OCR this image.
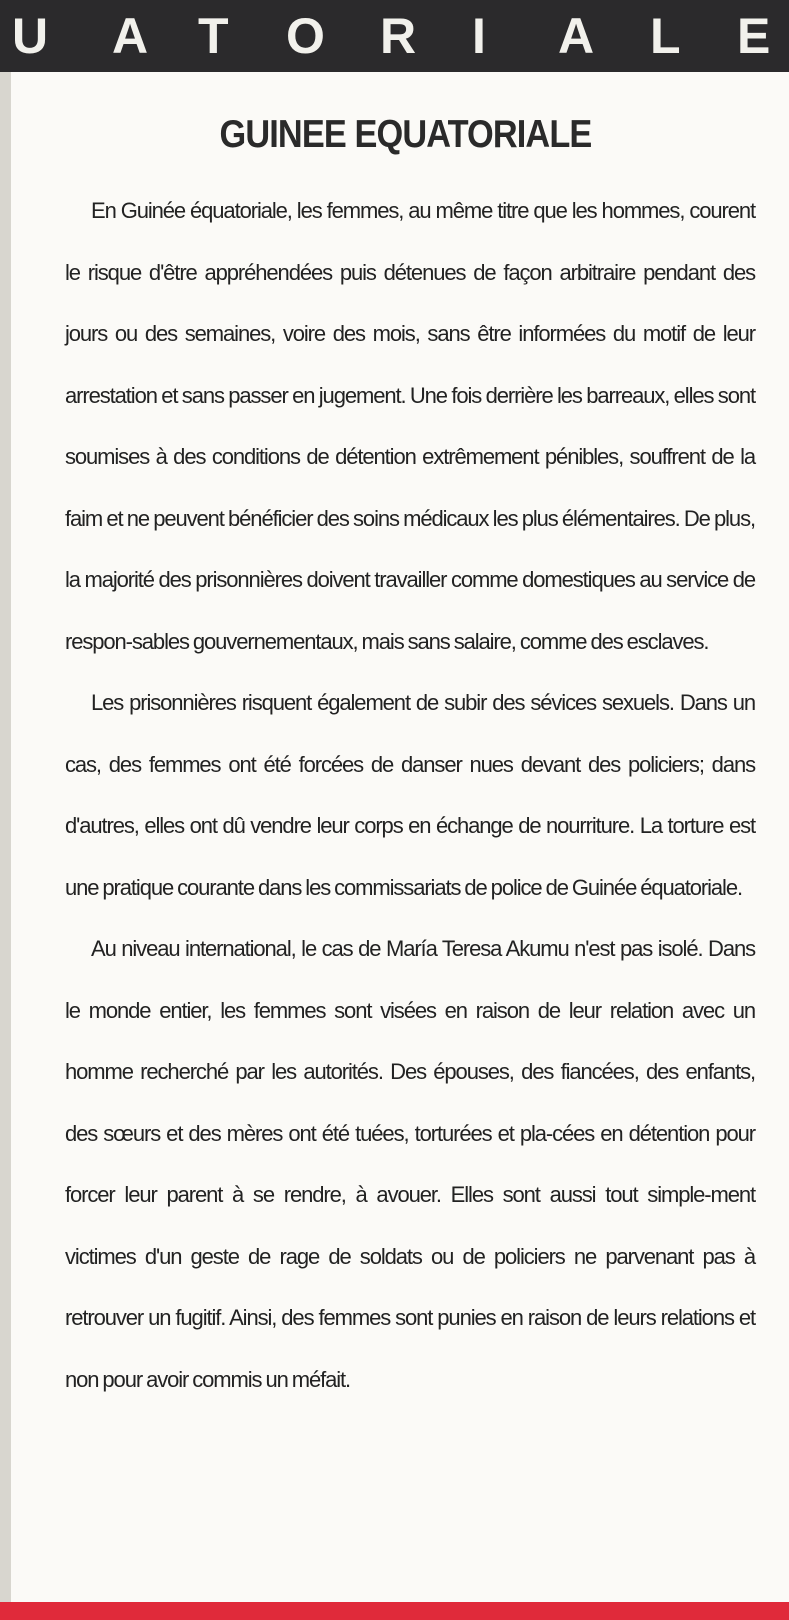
U A T O R I A L E
GUINEE EQUATORIALE

En Guinée équatoriale, les femmes, au même titre que les hommes, courent le risque d'être appréhendées puis détenues de façon arbitraire pendant des jours ou des semaines, voire des mois, sans être informées du motif de leur arrestation et sans passer en jugement. Une fois derrière les barreaux, elles sont soumises à des conditions de détention extrêmement pénibles, souffrent de la faim et ne peuvent bénéficier des soins médicaux les plus élémentaires. De plus, la majorité des prisonnières doivent travailler comme domestiques au service de respon-sables gouvernementaux, mais sans salaire, comme des esclaves.

Les prisonnières risquent également de subir des sévices sexuels. Dans un cas, des femmes ont été forcées de danser nues devant des policiers; dans d'autres, elles ont dû vendre leur corps en échange de nourriture. La torture est une pratique courante dans les commissariats de police de Guinée équatoriale.

Au niveau international, le cas de María Teresa Akumu n'est pas isolé. Dans le monde entier, les femmes sont visées en raison de leur relation avec un homme recherché par les autorités. Des épouses, des fiancées, des enfants, des sœurs et des mères ont été tuées, torturées et pla-cées en détention pour forcer leur parent à se rendre, à avouer. Elles sont aussi tout simple-ment victimes d'un geste de rage de soldats ou de policiers ne parvenant pas à retrouver un fugitif. Ainsi, des femmes sont punies en raison de leurs relations et non pour avoir commis un méfait.
